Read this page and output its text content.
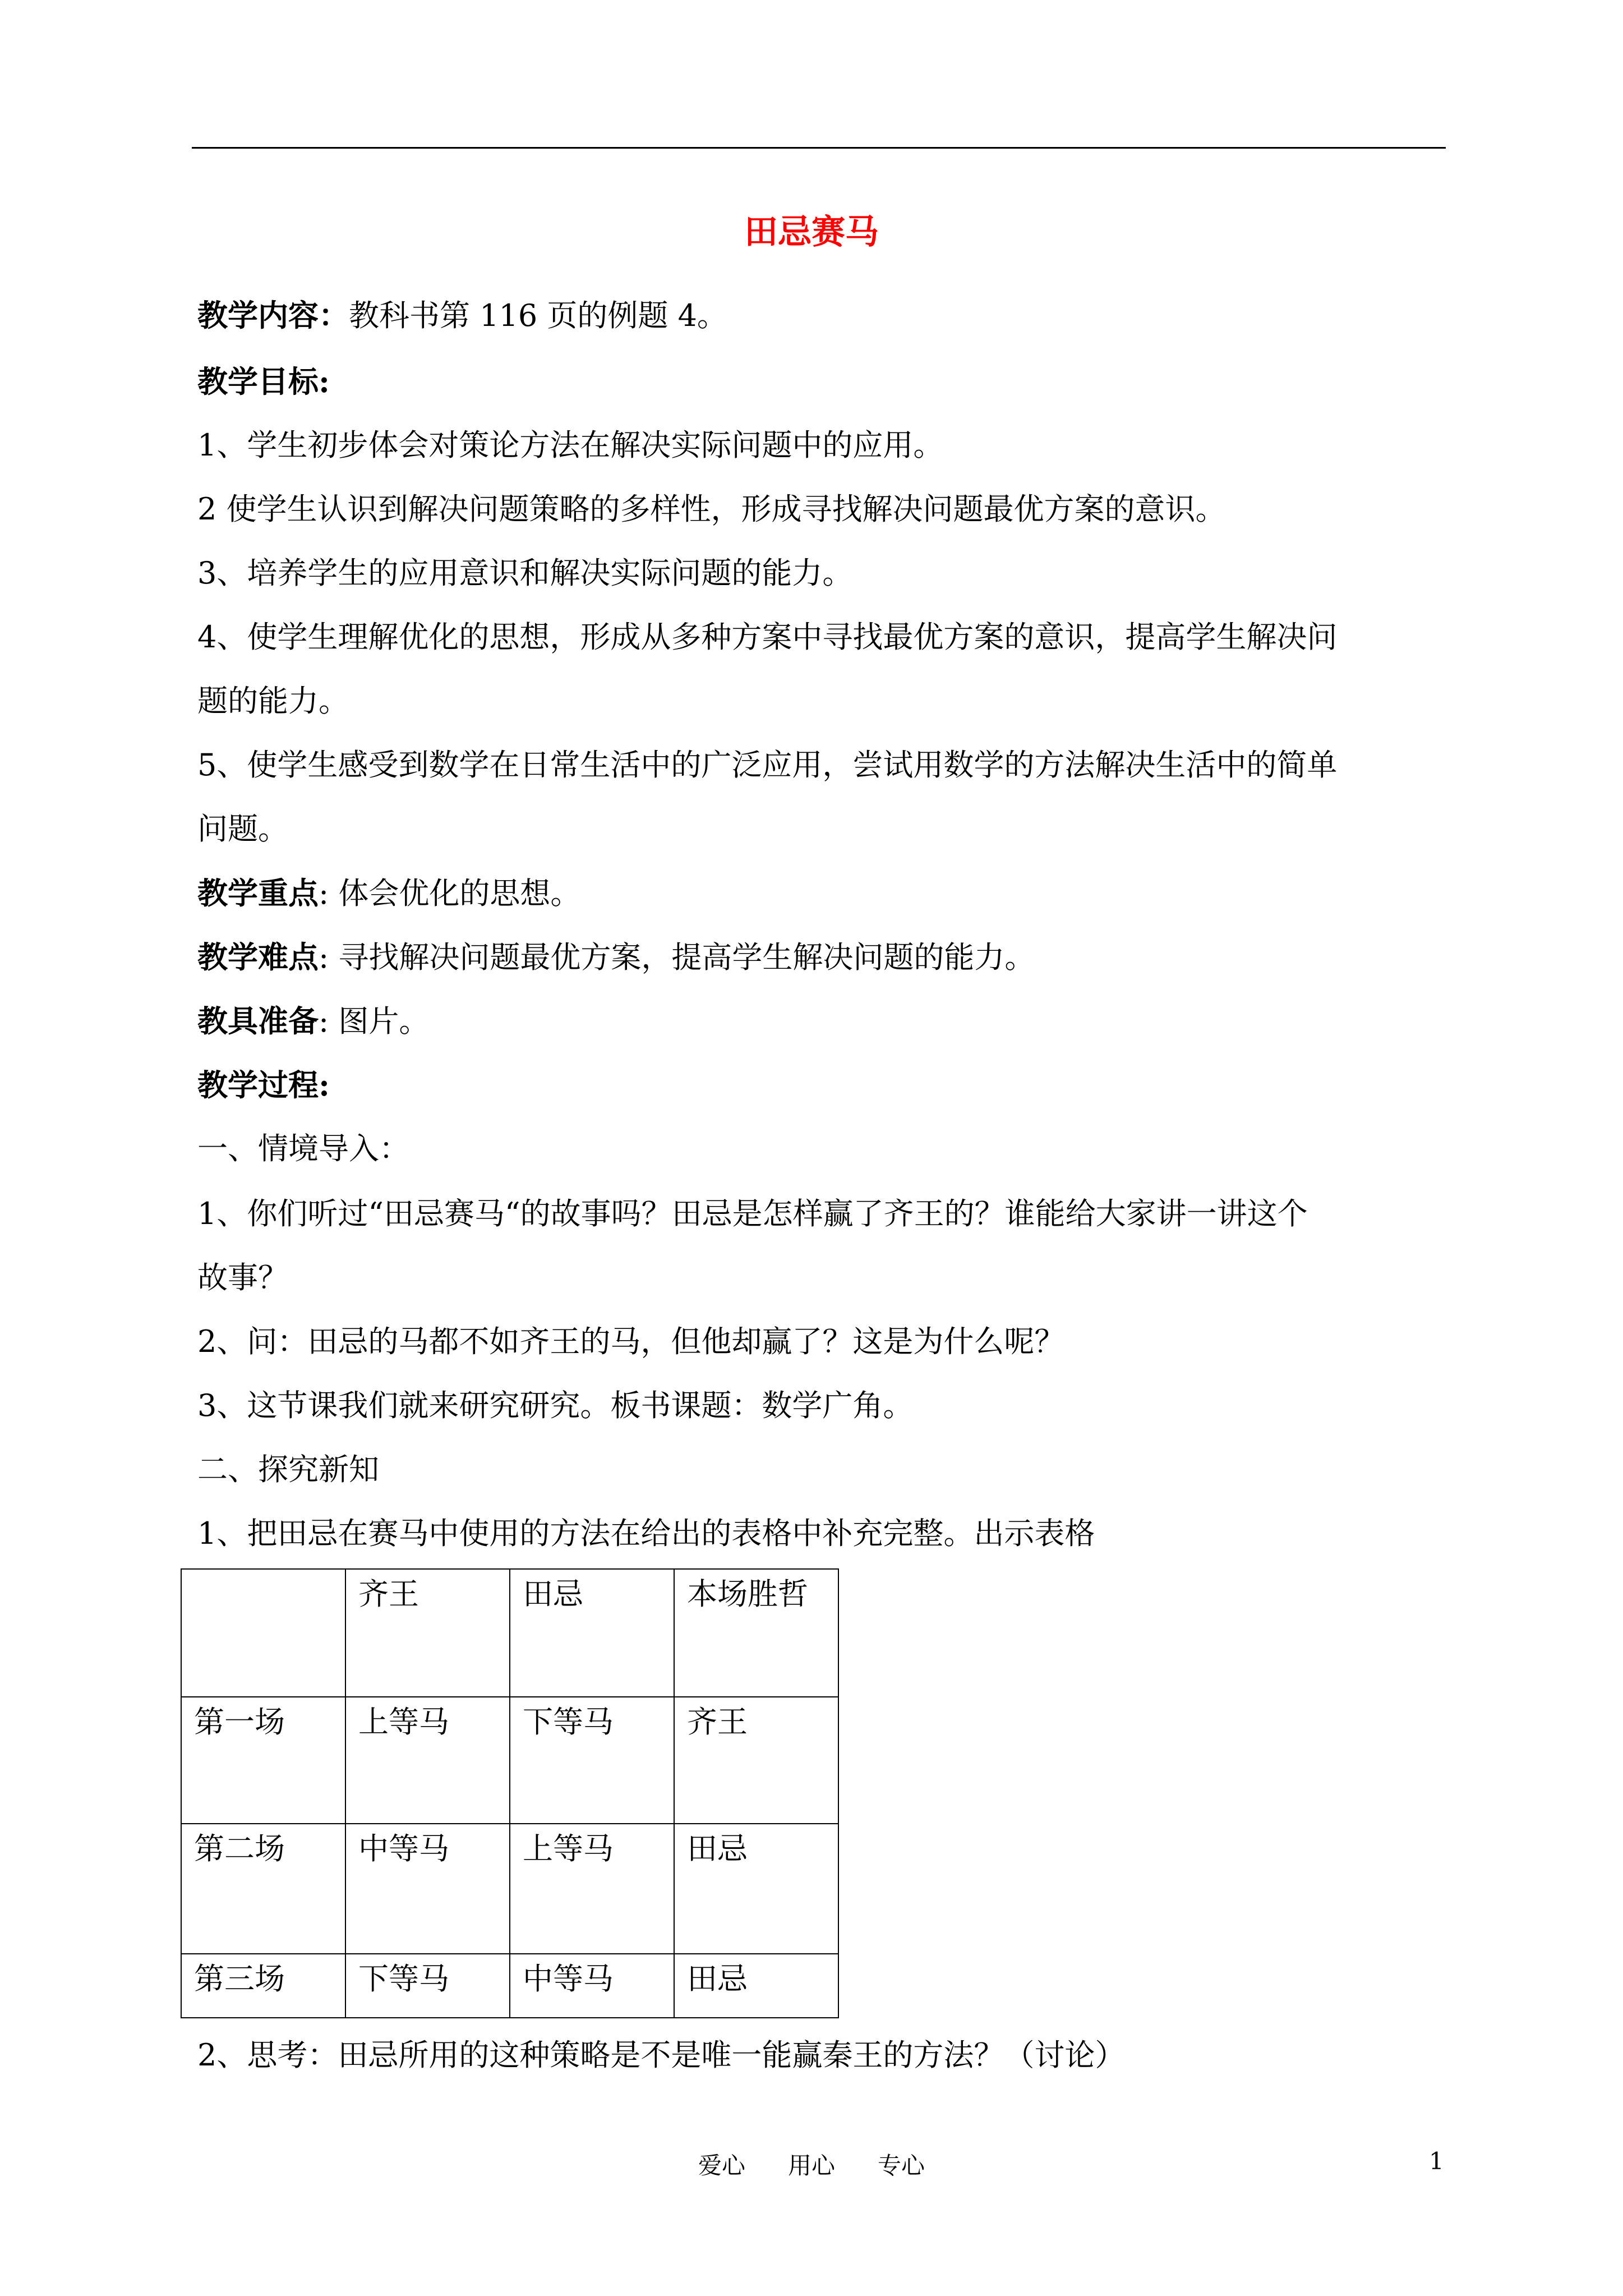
田忌赛马
教学内容：教科书第 116 页的例题 4。
教学目标:
1、学生初步体会对策论方法在解决实际问题中的应用。
2 使学生认识到解决问题策略的多样性，形成寻找解决问题最优方案的意识。
3、培养学生的应用意识和解决实际问题的能力。
4、使学生理解优化的思想，形成从多种方案中寻找最优方案的意识，提高学生解决问
题的能力。
5、使学生感受到数学在日常生活中的广泛应用，尝试用数学的方法解决生活中的简单
问题。
教学重点: 体会优化的思想。
教学难点: 寻找解决问题最优方案，提高学生解决问题的能力。
教具准备: 图片。
教学过程:
一、情境导入：
1、你们听过“田忌赛马“的故事吗？田忌是怎样赢了齐王的？谁能给大家讲一讲这个
故事？
2、问：田忌的马都不如齐王的马，但他却赢了？这是为什么呢？
3、这节课我们就来研究研究。板书课题：数学广角。
二、探究新知
1、把田忌在赛马中使用的方法在给出的表格中补充完整。出示表格
	齐王	田忌	本场胜哲
第一场	上等马	下等马	齐王
第二场	中等马	上等马	田忌
第三场	下等马	中等马	田忌
2、思考：田忌所用的这种策略是不是唯一能赢秦王的方法？（讨论）
爱心 用心 专心	1
